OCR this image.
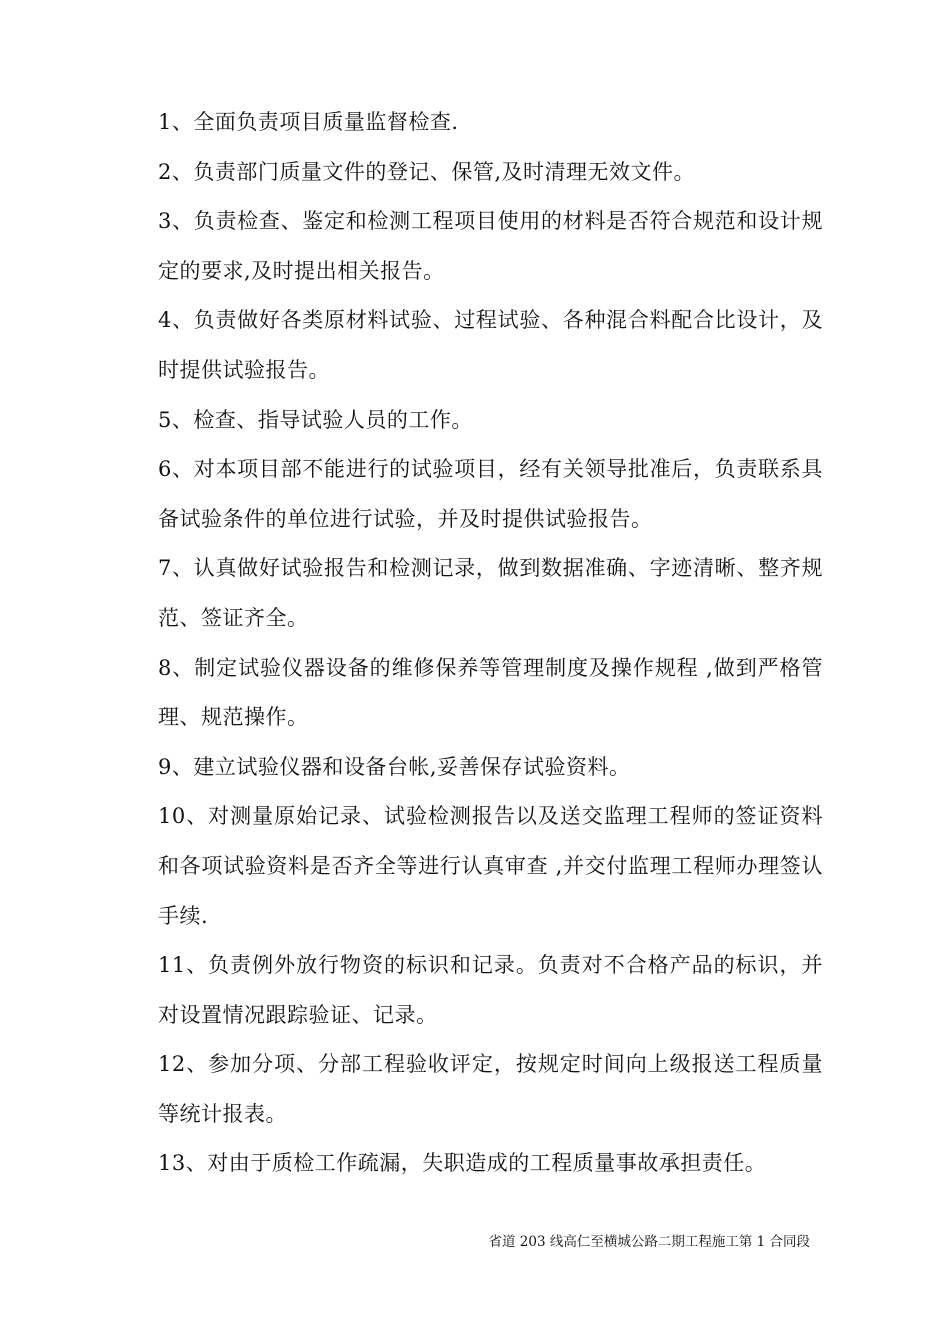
1、全面负责项目质量监督检查.

2、负责部门质量文件的登记、保管,及时清理无效文件。

3、负责检查、鉴定和检测工程项目使用的材料是否符合规范和设计规定的要求,及时提出相关报告。

4、负责做好各类原材料试验、过程试验、各种混合料配合比设计，及时提供试验报告。

5、检查、指导试验人员的工作。

6、对本项目部不能进行的试验项目，经有关领导批准后，负责联系具备试验条件的单位进行试验，并及时提供试验报告。

7、认真做好试验报告和检测记录，做到数据准确、字迹清晰、整齐规范、签证齐全。

8、制定试验仪器设备的维修保养等管理制度及操作规程 ,做到严格管理、规范操作。

9、建立试验仪器和设备台帐,妥善保存试验资料。

10、对测量原始记录、试验检测报告以及送交监理工程师的签证资料和各项试验资料是否齐全等进行认真审查 ,并交付监理工程师办理签认手续.

11、负责例外放行物资的标识和记录。负责对不合格产品的标识，并对设置情况跟踪验证、记录。

12、参加分项、分部工程验收评定，按规定时间向上级报送工程质量等统计报表。

13、对由于质检工作疏漏，失职造成的工程质量事故承担责任。

省道 203 线高仁至横城公路二期工程施工第 1 合同段
